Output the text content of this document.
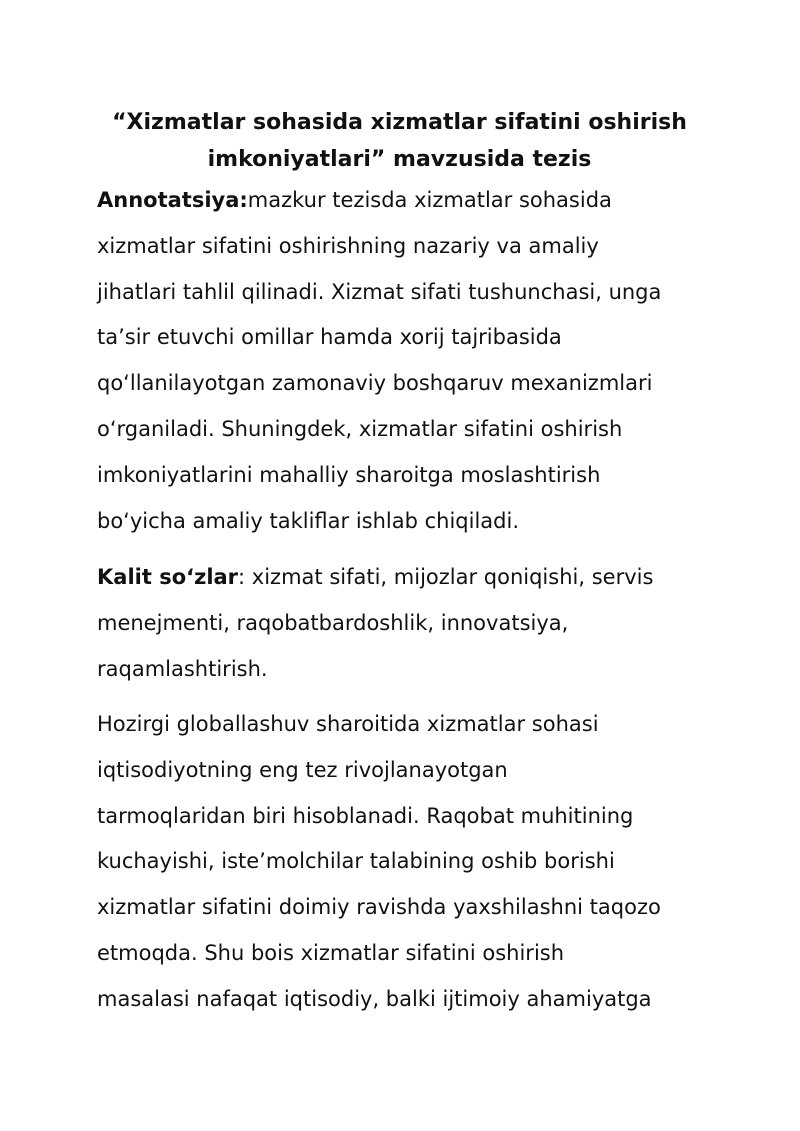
“Xizmatlar sohasida xizmatlar sifatini oshirish
imkoniyatlari” mavzusida tezis

Annotatsiya:mazkur tezisda xizmatlar sohasida
xizmatlar sifatini oshirishning nazariy va amaliy
jihatlari tahlil qilinadi. Xizmat sifati tushunchasi, unga
ta’sir etuvchi omillar hamda xorij tajribasida
qo‘llanilayotgan zamonaviy boshqaruv mexanizmlari
o‘rganiladi. Shuningdek, xizmatlar sifatini oshirish
imkoniyatlarini mahalliy sharoitga moslashtirish
bo‘yicha amaliy takliflar ishlab chiqiladi.

Kalit so‘zlar: xizmat sifati, mijozlar qoniqishi, servis
menejmenti, raqobatbardoshlik, innovatsiya,
raqamlashtirish.

Hozirgi globallashuv sharoitida xizmatlar sohasi
iqtisodiyotning eng tez rivojlanayotgan
tarmoqlaridan biri hisoblanadi. Raqobat muhitining
kuchayishi, iste’molchilar talabining oshib borishi
xizmatlar sifatini doimiy ravishda yaxshilashni taqozo
etmoqda. Shu bois xizmatlar sifatini oshirish
masalasi nafaqat iqtisodiy, balki ijtimoiy ahamiyatga
